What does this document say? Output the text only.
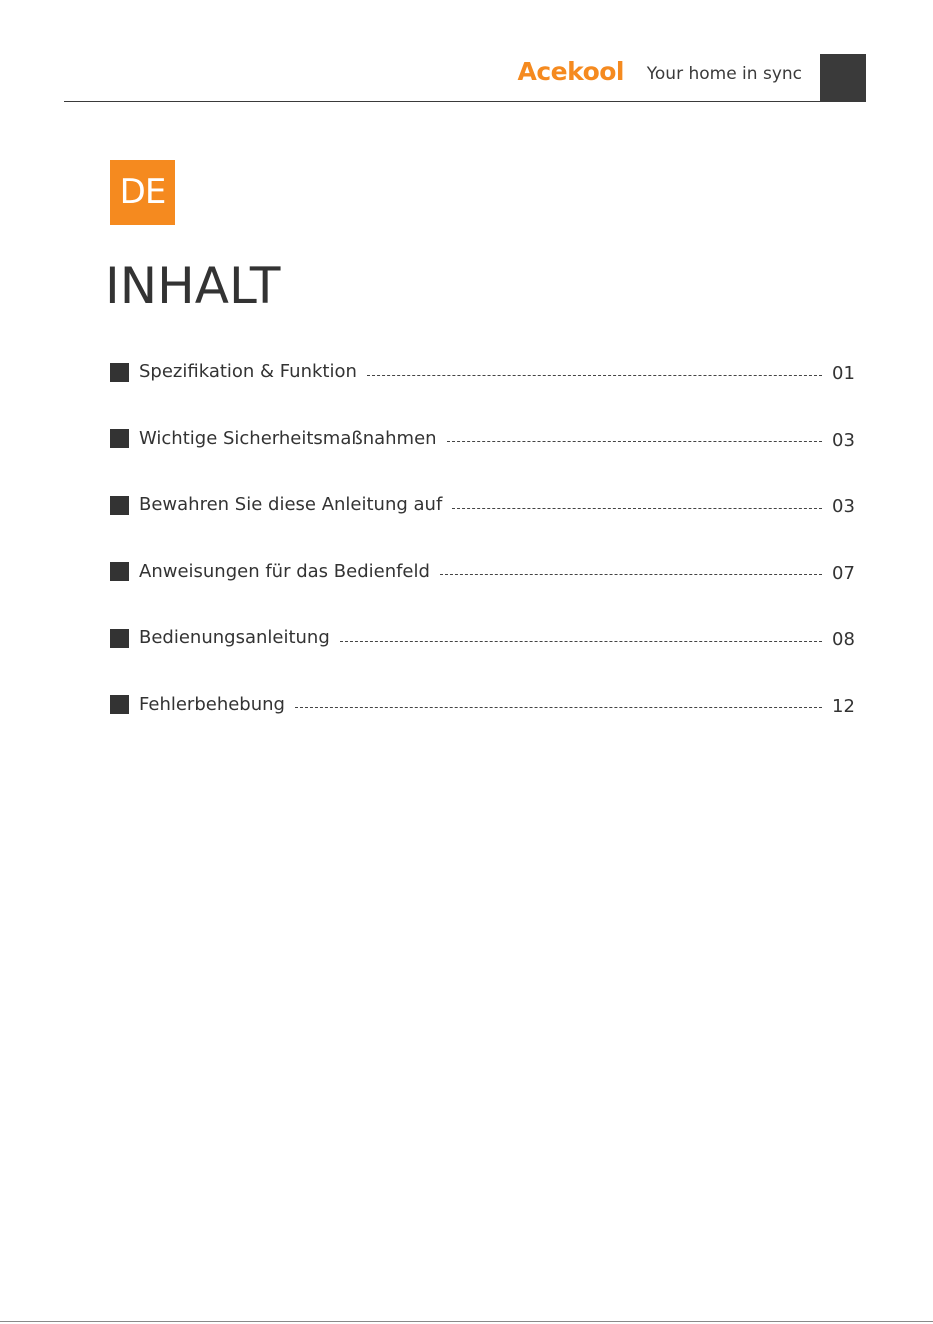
Acekool Your home in sync
DE
INHALT
Spezifikation & Funktion	01
Wichtige Sicherheitsmaßnahmen	03
Bewahren Sie diese Anleitung auf	03
Anweisungen für das Bedienfeld	07
Bedienungsanleitung	08
Fehlerbehebung	12
